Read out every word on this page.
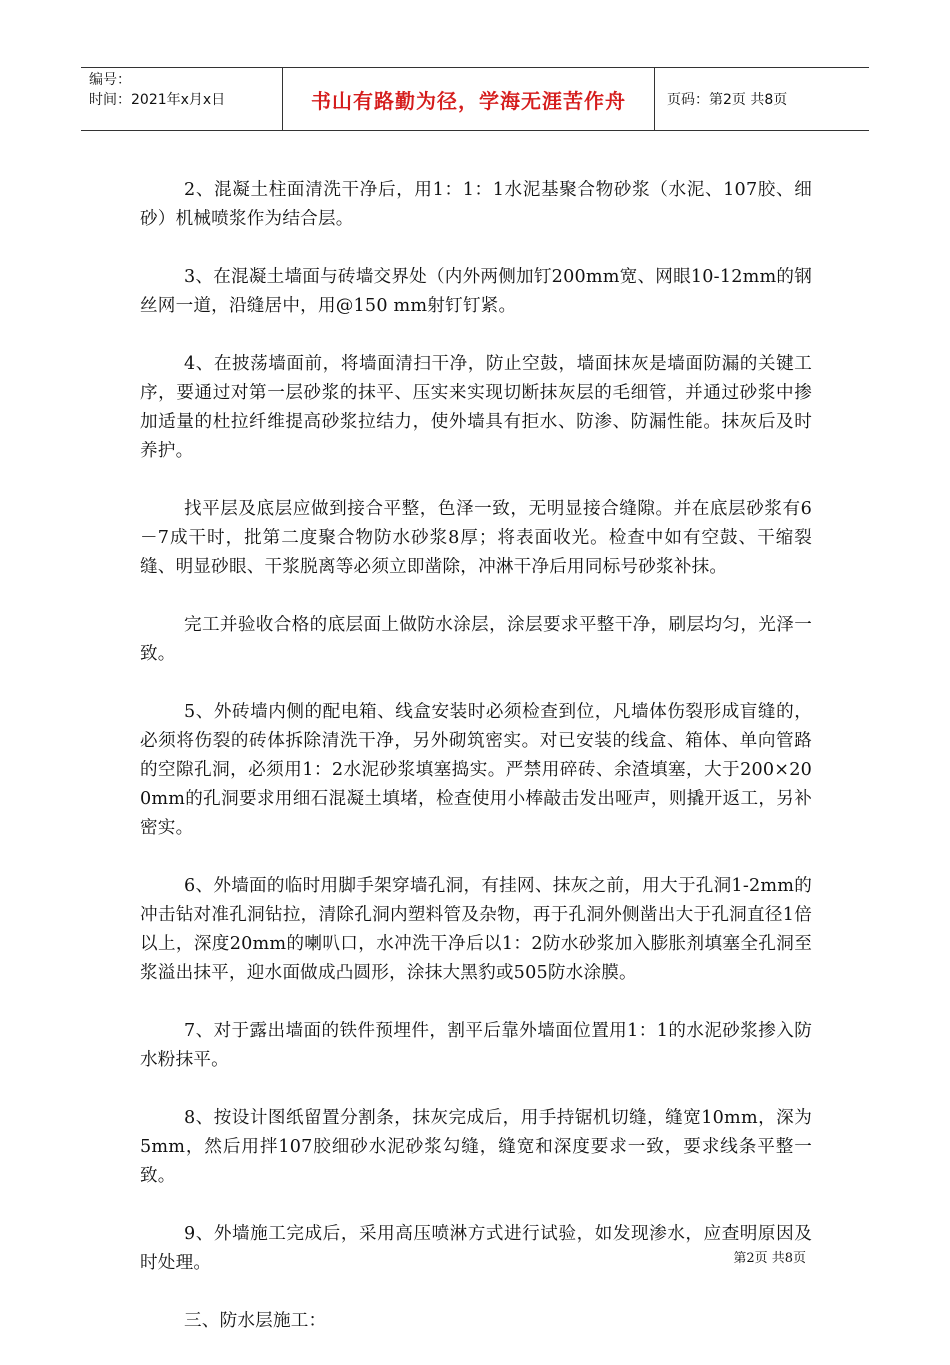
编号：
时间：2021年x月x日	书山有路勤为径，学海无涯苦作舟	页码：第2页 共8页

2、混凝土柱面清洗干净后，用1：1：1水泥基聚合物砂浆（水泥、107胶、细砂）机械喷浆作为结合层。

3、在混凝土墙面与砖墙交界处（内外两侧加钉200mm宽、网眼10-12mm的钢丝网一道，沿缝居中，用@150 mm射钉钉紧。

4、在披荡墙面前，将墙面清扫干净，防止空鼓，墙面抹灰是墙面防漏的关键工序，要通过对第一层砂浆的抹平、压实来实现切断抹灰层的毛细管，并通过砂浆中掺加适量的杜拉纤维提高砂浆拉结力，使外墙具有拒水、防渗、防漏性能。抹灰后及时养护。

找平层及底层应做到接合平整，色泽一致，无明显接合缝隙。并在底层砂浆有6－7成干时，批第二度聚合物防水砂浆8厚；将表面收光。检查中如有空鼓、干缩裂缝、明显砂眼、干浆脱离等必须立即凿除，冲淋干净后用同标号砂浆补抹。

完工并验收合格的底层面上做防水涂层，涂层要求平整干净，刷层均匀，光泽一致。

5、外砖墙内侧的配电箱、线盒安装时必须检查到位，凡墙体伤裂形成盲缝的，必须将伤裂的砖体拆除清洗干净，另外砌筑密实。对已安装的线盒、箱体、单向管路的空隙孔洞，必须用1：2水泥砂浆填塞捣实。严禁用碎砖、余渣填塞，大于200×200mm的孔洞要求用细石混凝土填堵，检查使用小棒敲击发出哑声，则撬开返工，另补密实。

6、外墙面的临时用脚手架穿墙孔洞，有挂网、抹灰之前，用大于孔洞1-2mm的冲击钻对准孔洞钻拉，清除孔洞内塑料管及杂物，再于孔洞外侧凿出大于孔洞直径1倍以上，深度20mm的喇叭口，水冲洗干净后以1：2防水砂浆加入膨胀剂填塞全孔洞至浆溢出抹平，迎水面做成凸圆形，涂抹大黑豹或505防水涂膜。

7、对于露出墙面的铁件预埋件，割平后靠外墙面位置用1：1的水泥砂浆掺入防水粉抹平。

8、按设计图纸留置分割条，抹灰完成后，用手持锯机切缝，缝宽10mm，深为5mm，然后用拌107胶细砂水泥砂浆勾缝，缝宽和深度要求一致，要求线条平整一致。

9、外墙施工完成后，采用高压喷淋方式进行试验，如发现渗水，应查明原因及时处理。

三、防水层施工：

第2页 共8页
